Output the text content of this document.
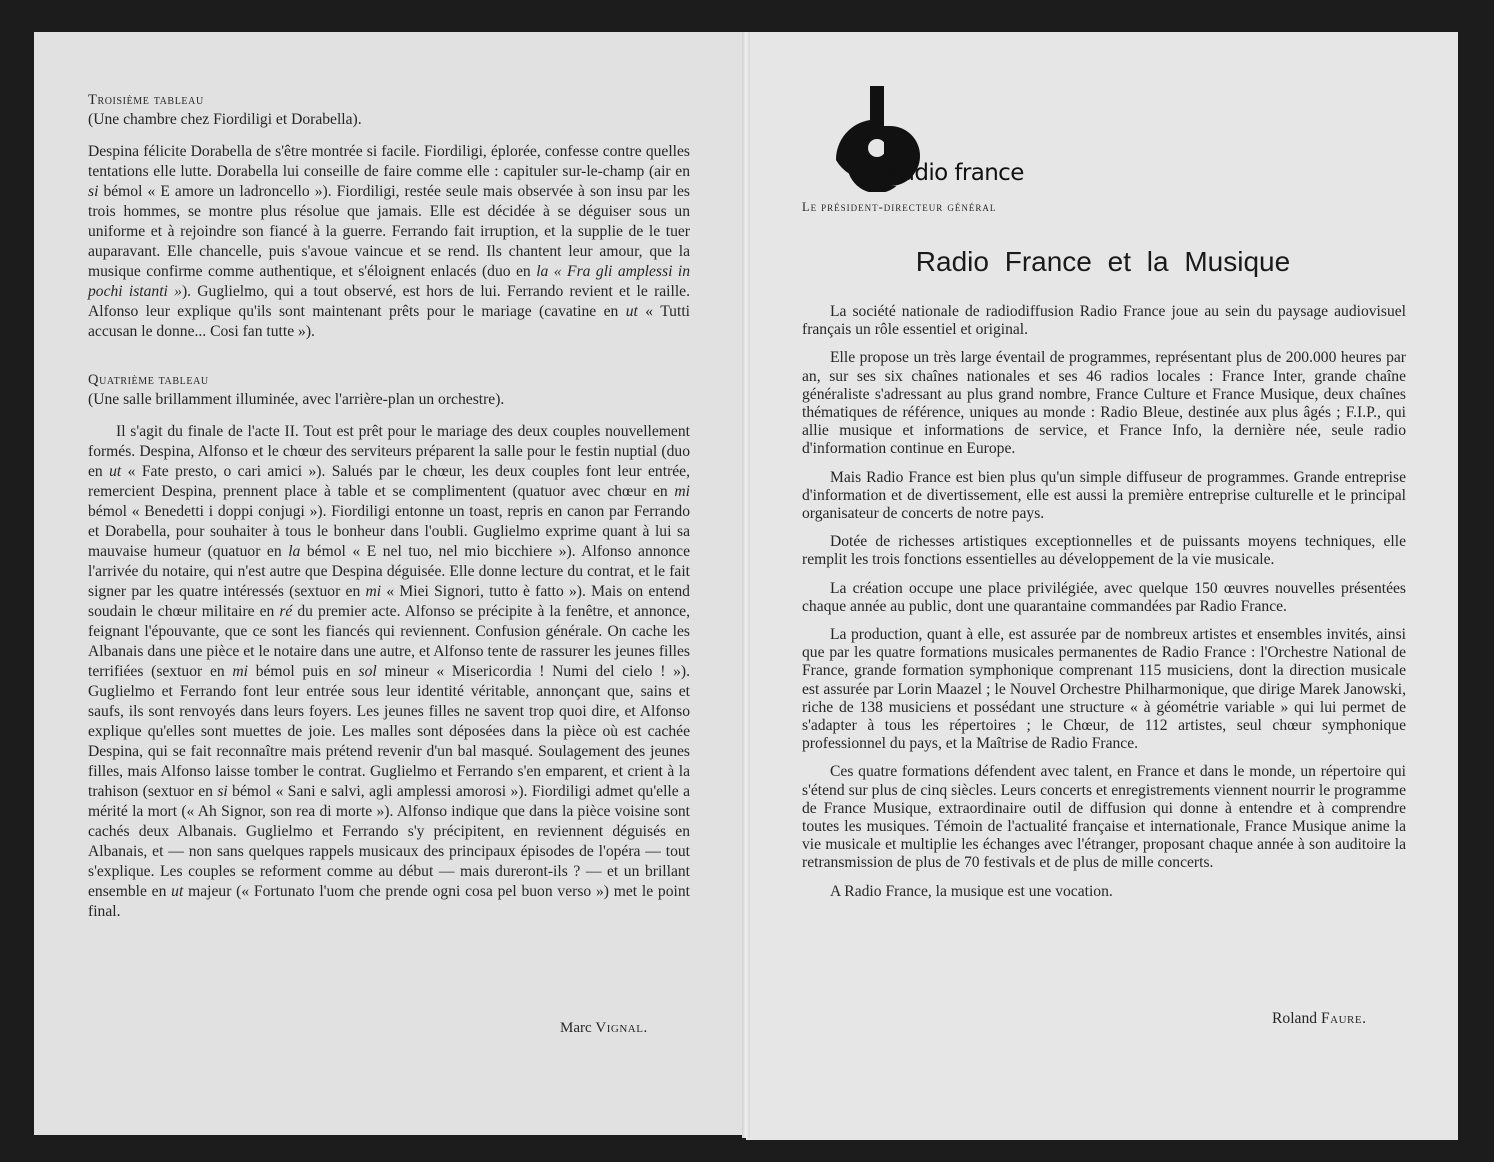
Troisième tableau
(Une chambre chez Fiordiligi et Dorabella).

Despina félicite Dorabella de s'être montrée si facile. Fiordiligi, éplorée, confesse contre quelles tentations elle lutte. Dorabella lui conseille de faire comme elle : capituler sur-le-champ (air en si bémol « E amore un ladroncello »). Fiordiligi, restée seule mais observée à son insu par les trois hommes, se montre plus résolue que jamais. Elle est décidée à se déguiser sous un uniforme et à rejoindre son fiancé à la guerre. Ferrando fait irruption, et la supplie de le tuer auparavant. Elle chancelle, puis s'avoue vaincue et se rend. Ils chantent leur amour, que la musique confirme comme authentique, et s'éloignent enlacés (duo en la « Fra gli amplessi in pochi istanti »). Guglielmo, qui a tout observé, est hors de lui. Ferrando revient et le raille. Alfonso leur explique qu'ils sont maintenant prêts pour le mariage (cavatine en ut « Tutti accusan le donne... Cosi fan tutte »).

Quatrième tableau
(Une salle brillamment illuminée, avec l'arrière-plan un orchestre).

Il s'agit du finale de l'acte II. Tout est prêt pour le mariage des deux couples nouvellement formés. Despina, Alfonso et le chœur des serviteurs préparent la salle pour le festin nuptial (duo en ut « Fate presto, o cari amici »). Salués par le chœur, les deux couples font leur entrée, remercient Despina, prennent place à table et se complimentent (quatuor avec chœur en mi bémol « Benedetti i doppi conjugi »). Fiordiligi entonne un toast, repris en canon par Ferrando et Dorabella, pour souhaiter à tous le bonheur dans l'oubli. Guglielmo exprime quant à lui sa mauvaise humeur (quatuor en la bémol « E nel tuo, nel mio bicchiere »). Alfonso annonce l'arrivée du notaire, qui n'est autre que Despina déguisée. Elle donne lecture du contrat, et le fait signer par les quatre intéressés (sextuor en mi « Miei Signori, tutto è fatto »). Mais on entend soudain le chœur militaire en ré du premier acte. Alfonso se précipite à la fenêtre, et annonce, feignant l'épouvante, que ce sont les fiancés qui reviennent. Confusion générale. On cache les Albanais dans une pièce et le notaire dans une autre, et Alfonso tente de rassurer les jeunes filles terrifiées (sextuor en mi bémol puis en sol mineur « Misericordia ! Numi del cielo ! »). Guglielmo et Ferrando font leur entrée sous leur identité véritable, annonçant que, sains et saufs, ils sont renvoyés dans leurs foyers. Les jeunes filles ne savent trop quoi dire, et Alfonso explique qu'elles sont muettes de joie. Les malles sont déposées dans la pièce où est cachée Despina, qui se fait reconnaître mais prétend revenir d'un bal masqué. Soulagement des jeunes filles, mais Alfonso laisse tomber le contrat. Guglielmo et Ferrando s'en emparent, et crient à la trahison (sextuor en si bémol « Sani e salvi, agli amplessi amorosi »). Fiordiligi admet qu'elle a mérité la mort (« Ah Signor, son rea di morte »). Alfonso indique que dans la pièce voisine sont cachés deux Albanais. Guglielmo et Ferrando s'y précipitent, en reviennent déguisés en Albanais, et — non sans quelques rappels musicaux des principaux épisodes de l'opéra — tout s'explique. Les couples se reforment comme au début — mais dureront-ils ? — et un brillant ensemble en ut majeur (« Fortunato l'uom che prende ogni cosa pel buon verso ») met le point final.

Marc Vignal.
Radio france
Le président-directeur général
Radio France et la Musique

La société nationale de radiodiffusion Radio France joue au sein du paysage audiovisuel français un rôle essentiel et original.

Elle propose un très large éventail de programmes, représentant plus de 200.000 heures par an, sur ses six chaînes nationales et ses 46 radios locales : France Inter, grande chaîne généraliste s'adressant au plus grand nombre, France Culture et France Musique, deux chaînes thématiques de référence, uniques au monde : Radio Bleue, destinée aux plus âgés ; F.I.P., qui allie musique et informations de service, et France Info, la dernière née, seule radio d'information continue en Europe.

Mais Radio France est bien plus qu'un simple diffuseur de programmes. Grande entreprise d'information et de divertissement, elle est aussi la première entreprise culturelle et le principal organisateur de concerts de notre pays.

Dotée de richesses artistiques exceptionnelles et de puissants moyens techniques, elle remplit les trois fonctions essentielles au développement de la vie musicale.

La création occupe une place privilégiée, avec quelque 150 œuvres nouvelles présentées chaque année au public, dont une quarantaine commandées par Radio France.

La production, quant à elle, est assurée par de nombreux artistes et ensembles invités, ainsi que par les quatre formations musicales permanentes de Radio France : l'Orchestre National de France, grande formation symphonique comprenant 115 musiciens, dont la direction musicale est assurée par Lorin Maazel ; le Nouvel Orchestre Philharmonique, que dirige Marek Janowski, riche de 138 musiciens et possédant une structure « à géométrie variable » qui lui permet de s'adapter à tous les répertoires ; le Chœur, de 112 artistes, seul chœur symphonique professionnel du pays, et la Maîtrise de Radio France.

Ces quatre formations défendent avec talent, en France et dans le monde, un répertoire qui s'étend sur plus de cinq siècles. Leurs concerts et enregistrements viennent nourrir le programme de France Musique, extraordinaire outil de diffusion qui donne à entendre et à comprendre toutes les musiques. Témoin de l'actualité française et internationale, France Musique anime la vie musicale et multiplie les échanges avec l'étranger, proposant chaque année à son auditoire la retransmission de plus de 70 festivals et de plus de mille concerts.

A Radio France, la musique est une vocation.

Roland Faure.
